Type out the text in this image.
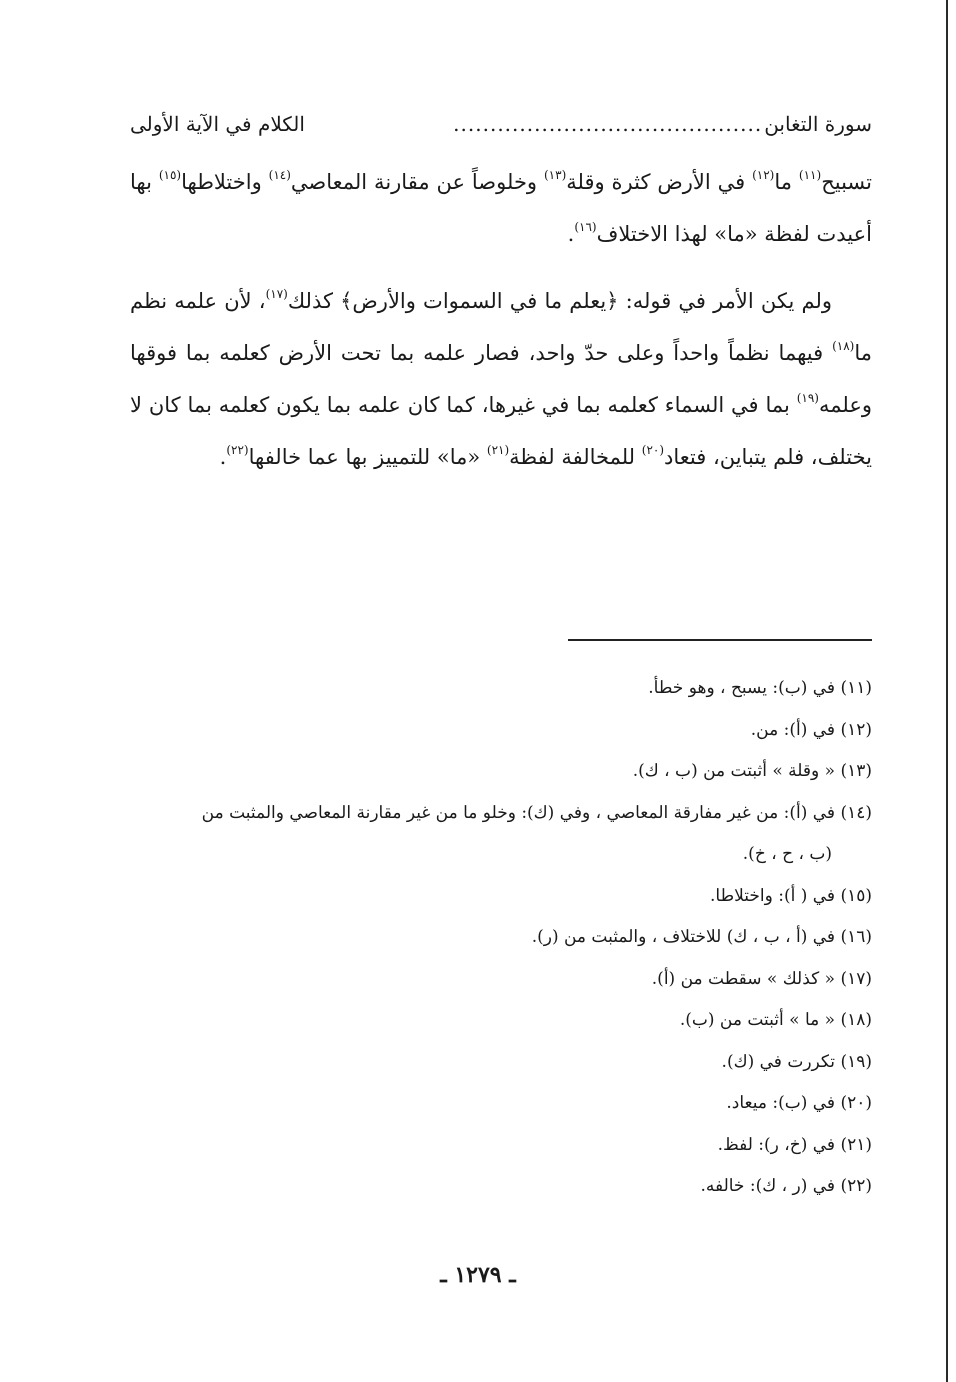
سورة التغابن
..........................................
الكلام في الآية الأولى

تسبيح$^{(١١)}$ ما$^{(١٢)}$ في الأرض كثرة وقلة$^{(١٣)}$ وخلوصاً عن مقارنة المعاصي$^{(١٤)}$ واختلاطها$^{(١٥)}$ بها أعيدت لفظة «ما» لهذا الاختلاف$^{(١٦)}$.

ولم يكن الأمر في قوله: ﴿يعلم ما في السموات والأرض﴾ كذلك$^{(١٧)}$، لأن علمه نظم ما$^{(١٨)}$ فيهما نظماً واحداً وعلى حدّ واحد، فصار علمه بما تحت الأرض كعلمه بما فوقها وعلمه$^{(١٩)}$ بما في السماء كعلمه بما في غيرها، كما كان علمه بما يكون كعلمه بما كان لا يختلف، فلم يتباين، فتعاد$^{(٢٠)}$ للمخالفة لفظة$^{(٢١)}$ «ما» للتمييز بها عما خالفها$^{(٢٢)}$.

(١١) في (ب): يسبح ، وهو خطأ.
(١٢) في (أ): من.
(١٣) « وقلة » أثبتت من (ب ، ك).
(١٤) في (أ): من غير مفارقة المعاصي ، وفي (ك): وخلو ما من غير مقارنة المعاصي والمثبت من
(ب ، ح ، خ).
(١٥) في ( أ): واختلاطا.
(١٦) في (أ ، ب ، ك) للاختلاف ، والمثبت من (ر).
(١٧) « كذلك » سقطت من (أ).
(١٨) « ما » أثبتت من (ب).
(١٩) تكررت في (ك).
(٢٠) في (ب): ميعاد.
(٢١) في (خ، ر): لفظ.
(٢٢) في (ر ، ك): خالفه.
ـ ١٢٧٩ ـ
